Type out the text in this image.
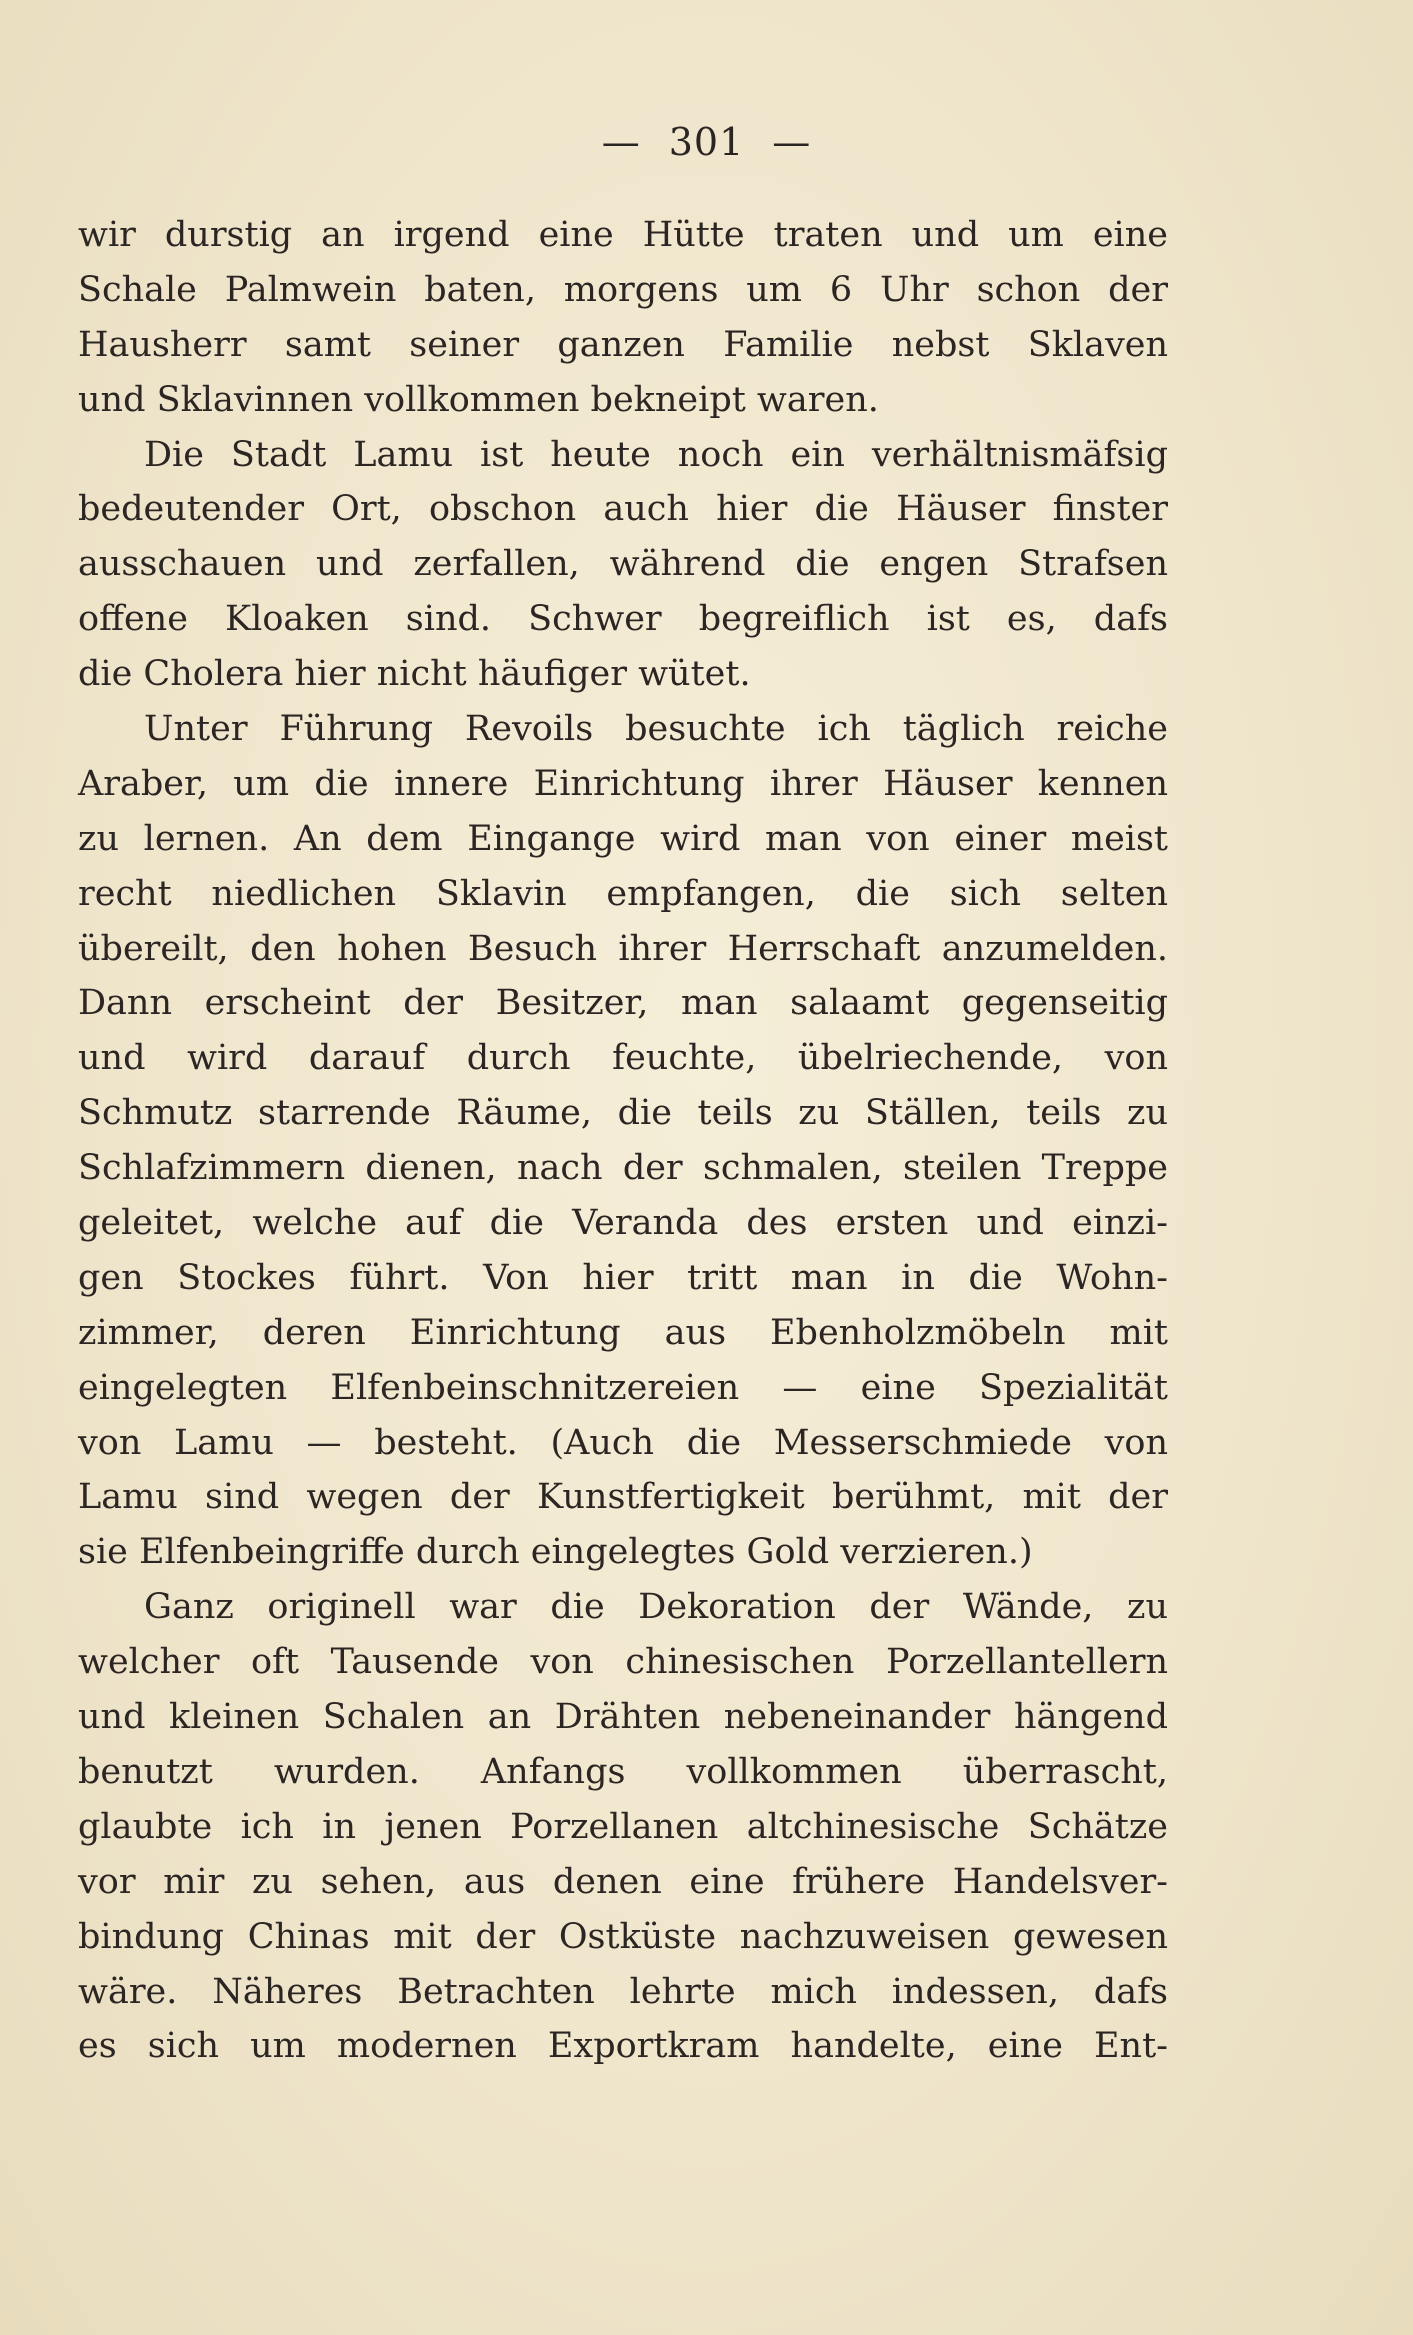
— 301 —
wir durstig an irgend eine Hütte traten und um eine
Schale Palmwein baten, morgens um 6 Uhr schon der
Hausherr samt seiner ganzen Familie nebst Sklaven
und Sklavinnen vollkommen bekneipt waren.
Die Stadt Lamu ist heute noch ein verhältnismäfsig
bedeutender Ort, obschon auch hier die Häuser finster
ausschauen und zerfallen, während die engen Strafsen
offene Kloaken sind. Schwer begreiflich ist es, dafs
die Cholera hier nicht häufiger wütet.
Unter Führung Revoils besuchte ich täglich reiche
Araber, um die innere Einrichtung ihrer Häuser kennen
zu lernen. An dem Eingange wird man von einer meist
recht niedlichen Sklavin empfangen, die sich selten
übereilt, den hohen Besuch ihrer Herrschaft anzumelden.
Dann erscheint der Besitzer, man salaamt gegenseitig
und wird darauf durch feuchte, übelriechende, von
Schmutz starrende Räume, die teils zu Ställen, teils zu
Schlafzimmern dienen, nach der schmalen, steilen Treppe
geleitet, welche auf die Veranda des ersten und einzi-
gen Stockes führt. Von hier tritt man in die Wohn-
zimmer, deren Einrichtung aus Ebenholzmöbeln mit
eingelegten Elfenbeinschnitzereien — eine Spezialität
von Lamu — besteht. (Auch die Messerschmiede von
Lamu sind wegen der Kunstfertigkeit berühmt, mit der
sie Elfenbeingriffe durch eingelegtes Gold verzieren.)
Ganz originell war die Dekoration der Wände, zu
welcher oft Tausende von chinesischen Porzellantellern
und kleinen Schalen an Drähten nebeneinander hängend
benutzt wurden. Anfangs vollkommen überrascht,
glaubte ich in jenen Porzellanen altchinesische Schätze
vor mir zu sehen, aus denen eine frühere Handelsver-
bindung Chinas mit der Ostküste nachzuweisen gewesen
wäre. Näheres Betrachten lehrte mich indessen, dafs
es sich um modernen Exportkram handelte, eine Ent-
